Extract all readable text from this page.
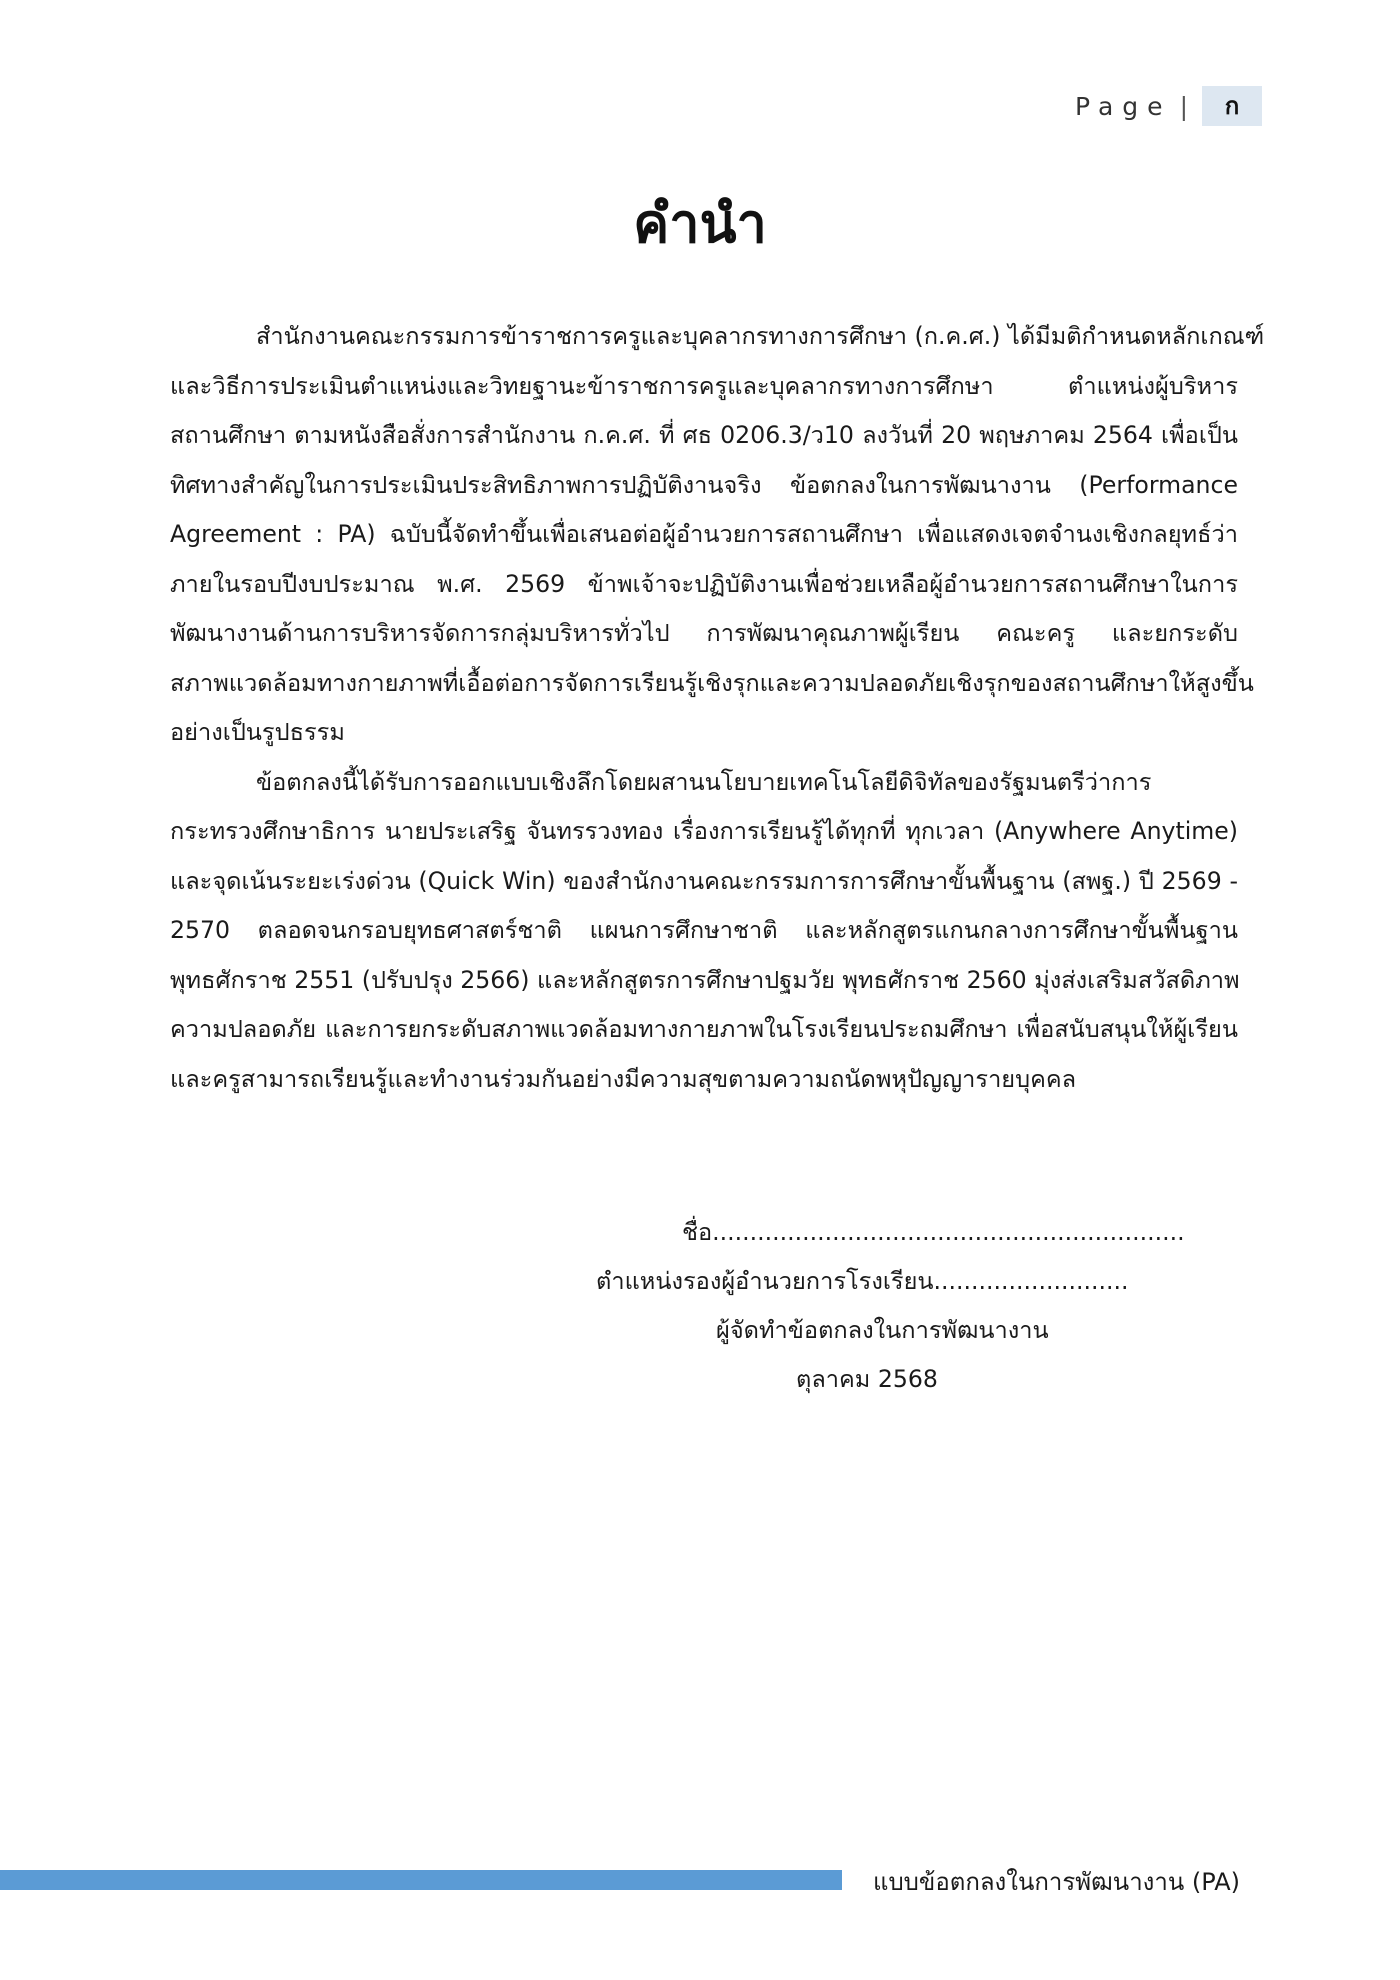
Page |	ก
คำนำ

สำนักงานคณะกรรมการข้าราชการครูและบุคลากรทางการศึกษา (ก.ค.ศ.) ได้มีมติกำหนดหลักเกณฑ์
และวิธีการประเมินตำแหน่งและวิทยฐานะข้าราชการครูและบุคลากรทางการศึกษา ตำแหน่งผู้บริหาร
สถานศึกษา ตามหนังสือสั่งการสำนักงาน ก.ค.ศ. ที่ ศธ 0206.3/ว10 ลงวันที่ 20 พฤษภาคม 2564 เพื่อเป็น
ทิศทางสำคัญในการประเมินประสิทธิภาพการปฏิบัติงานจริง ข้อตกลงในการพัฒนางาน (Performance
Agreement : PA) ฉบับนี้จัดทำขึ้นเพื่อเสนอต่อผู้อำนวยการสถานศึกษา เพื่อแสดงเจตจำนงเชิงกลยุทธ์ว่า
ภายในรอบปีงบประมาณ พ.ศ. 2569 ข้าพเจ้าจะปฏิบัติงานเพื่อช่วยเหลือผู้อำนวยการสถานศึกษาในการ
พัฒนางานด้านการบริหารจัดการกลุ่มบริหารทั่วไป การพัฒนาคุณภาพผู้เรียน คณะครู และยกระดับ
สภาพแวดล้อมทางกายภาพที่เอื้อต่อการจัดการเรียนรู้เชิงรุกและความปลอดภัยเชิงรุกของสถานศึกษาให้สูงขึ้น
อย่างเป็นรูปธรรม

ข้อตกลงนี้ได้รับการออกแบบเชิงลึกโดยผสานนโยบายเทคโนโลยีดิจิทัลของรัฐมนตรีว่าการ
กระทรวงศึกษาธิการ นายประเสริฐ จันทรรวงทอง เรื่องการเรียนรู้ได้ทุกที่ ทุกเวลา (Anywhere Anytime)
และจุดเน้นระยะเร่งด่วน (Quick Win) ของสำนักงานคณะกรรมการการศึกษาขั้นพื้นฐาน (สพฐ.) ปี 2569 -
2570 ตลอดจนกรอบยุทธศาสตร์ชาติ แผนการศึกษาชาติ และหลักสูตรแกนกลางการศึกษาขั้นพื้นฐาน
พุทธศักราช 2551 (ปรับปรุง 2566) และหลักสูตรการศึกษาปฐมวัย พุทธศักราช 2560 มุ่งส่งเสริมสวัสดิภาพ
ความปลอดภัย และการยกระดับสภาพแวดล้อมทางกายภาพในโรงเรียนประถมศึกษา เพื่อสนับสนุนให้ผู้เรียน
และครูสามารถเรียนรู้และทำงานร่วมกันอย่างมีความสุขตามความถนัดพหุปัญญารายบุคคล

ชื่อ...............................................................
ตำแหน่งรองผู้อำนวยการโรงเรียน..........................
ผู้จัดทำข้อตกลงในการพัฒนางาน
ตุลาคม 2568
แบบข้อตกลงในการพัฒนางาน (PA)
